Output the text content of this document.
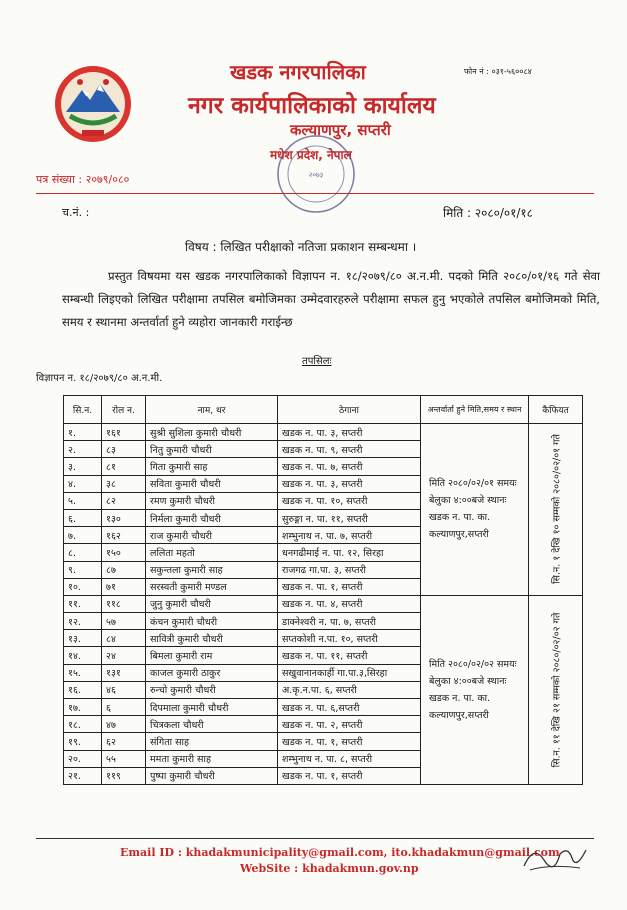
खडक नगरपालिका
नगर कार्यपालिकाको कार्यालय
कल्याणपुर, सप्तरी
मधेश प्रदेश, नेपाल
फोन नं : ०३१-५६००८४
२०७३
पत्र संख्या : २०७९/०८०
च.नं. :	मिति : २०८०/०१/१८
विषय : लिखित परीक्षाको नतिजा प्रकाशन सम्बन्धमा ।
प्रस्तुत विषयमा यस खडक नगरपालिकाको विज्ञापन न. १८/२०७९/८० अ.न.मी. पदको मिति २०८०/०१/१६ गते सेवा सम्बन्धी लिइएको लिखित परीक्षामा तपसिल बमोजिमका उम्मेदवारहरुले परीक्षामा सफल हुनु भएकोले तपसिल बमोजिमको मिति, समय र स्थानमा अन्तर्वार्ता हुने व्यहोरा जानकारी गराईन्छ
तपसिलः
विज्ञापन न. १८/२०७९/८० अ.न.मी.
सि.न.	रोल न.	नाम, थर	ठेगाना	अन्तर्वार्ता हुने मिति,समय र स्थान	कैफियत
१.	१६१	सुश्री सुशिला कुमारी चौधरी	खडक न. पा. ३, सप्तरी	मिति २०८०/०२/०१ समयः बेलुका ४:००बजे स्थानः खडक न. पा. का. कल्याणपुर,सप्तरी	सि.न. १ देखि १० सम्मको २०८०/०२/०१ गते

२.	८३	नितु कुमारी चौधरी	खडक न. पा. ९, सप्तरी		
३.	८१	गिता कुमारी साह	खडक न. पा. ७, सप्तरी		
४.	३८	सविता कुमारी चौधरी	खडक न. पा. ३, सप्तरी		
५.	८२	रमण कुमारी चौधरी	खडक न. पा. १०, सप्तरी		
६.	१३०	निर्मला कुमारी चौधरी	सुरुङ्गा न. पा. ११, सप्तरी		
७.	१६२	राज कुमारी चौधरी	शम्भुनाथ न. पा. ७, सप्तरी		
८.	१५०	ललिता महतो	धनगढीमाई न. पा. १२, सिरहा		
९.	८७	सकुन्तला कुमारी साह	राजगढ गा.पा. ३, सप्तरी		
१०.	७१	सरस्वती कुमारी मण्डल	खडक न. पा. १, सप्तरी		
११.	११८	जुनु कुमारी चौधरी	खडक न. पा. ४, सप्तरी	मिति २०८०/०२/०२ समयः बेलुका ४:००बजे स्थानः खडक न. पा. का. कल्याणपुर,सप्तरी	सि.न. ११ देखि २१ सम्मको २०८०/०२/०२ गते

१२.	५७	कंचन कुमारी चौधरी	डाक्नेश्वरी न. पा. ७, सप्तरी		
१३.	८४	सावित्री कुमारी चौधरी	सप्तकोशी न.पा. १०, सप्तरी		
१४.	२४	बिमला कुमारी राम	खडक न. पा. ११, सप्तरी		
१५.	१३१	काजल कुमारी ठाकुर	सखुवानानकार्ही गा.पा.३,सिरहा		
१६.	४६	रुन्चो कुमारी चौधरी	अ.कृ.न.पा. ६, सप्तरी		
१७.	६	दिपमाला कुमारी चौधरी	खडक न. पा. ६,सप्तरी		
१८.	४७	चित्रकला चौधरी	खडक न. पा. २, सप्तरी		
१९.	६२	संगिता साह	खडक न. पा. १, सप्तरी		
२०.	५५	ममता कुमारी साह	शम्भुनाथ न. पा. ८, सप्तरी		
२१.	११९	पुष्पा कुमारी चौधरी	खडक न. पा. १, सप्तरी		
Email ID : khadakmunicipality@gmail.com, ito.khadakmun@gmail.com
WebSite : khadakmun.gov.np
